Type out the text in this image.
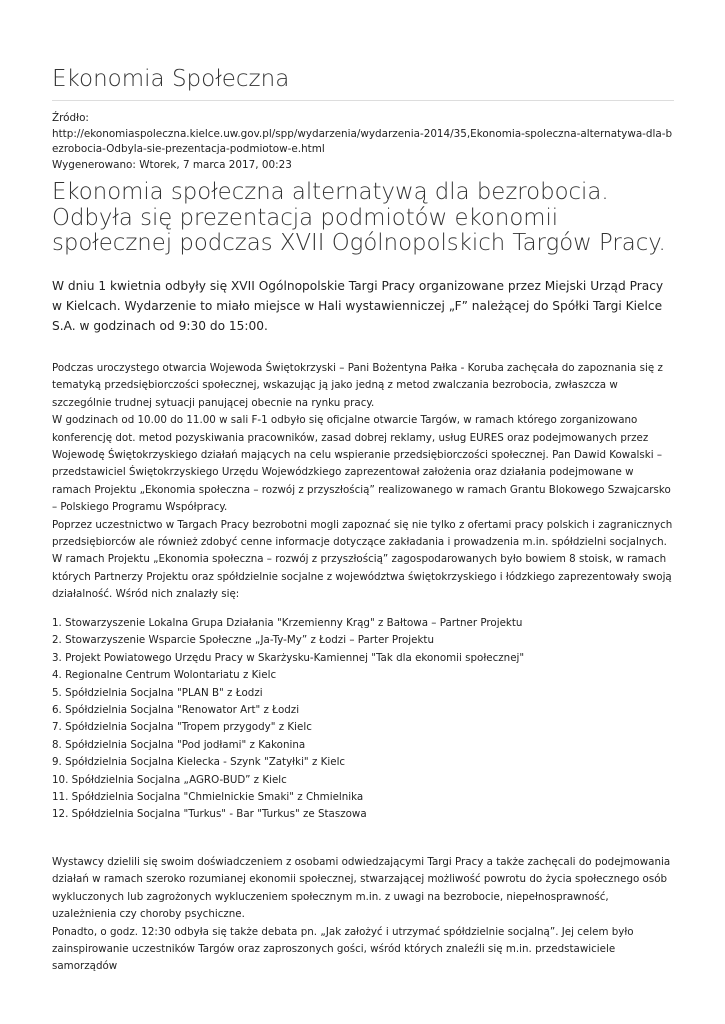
Ekonomia Społeczna
Źródło:
http://ekonomiaspoleczna.kielce.uw.gov.pl/spp/wydarzenia/wydarzenia-2014/35,Ekonomia-spoleczna-alternatywa-dla-bezrobocia-Odbyla-sie-prezentacja-podmiotow-e.html
Wygenerowano: Wtorek, 7 marca 2017, 00:23
Ekonomia społeczna alternatywą dla bezrobocia. Odbyła się prezentacja podmiotów ekonomii społecznej podczas XVII Ogólnopolskich Targów Pracy.

W dniu 1 kwietnia odbyły się XVII Ogólnopolskie Targi Pracy organizowane przez Miejski Urząd Pracy w Kielcach. Wydarzenie to miało miejsce w Hali wystawienniczej „F” należącej do Spółki Targi Kielce S.A. w godzinach od 9:30 do 15:00.

Podczas uroczystego otwarcia Wojewoda Świętokrzyski – Pani Bożentyna Pałka - Koruba zachęcała do zapoznania się z tematyką przedsiębiorczości społecznej, wskazując ją jako jedną z metod zwalczania bezrobocia, zwłaszcza w szczególnie trudnej sytuacji panującej obecnie na rynku pracy.

W godzinach od 10.00 do 11.00 w sali F-1 odbyło się oficjalne otwarcie Targów, w ramach którego zorganizowano konferencję dot. metod pozyskiwania pracowników, zasad dobrej reklamy, usług EURES oraz podejmowanych przez Wojewodę Świętokrzyskiego działań mających na celu wspieranie przedsiębiorczości społecznej. Pan Dawid Kowalski – przedstawiciel Świętokrzyskiego Urzędu Wojewódzkiego zaprezentował założenia oraz działania podejmowane w ramach Projektu „Ekonomia społeczna – rozwój z przyszłością” realizowanego w ramach Grantu Blokowego Szwajcarsko – Polskiego Programu Współpracy.

Poprzez uczestnictwo w Targach Pracy bezrobotni mogli zapoznać się nie tylko z ofertami pracy polskich i zagranicznych przedsiębiorców ale również zdobyć cenne informacje dotyczące zakładania i prowadzenia m.in. spółdzielni socjalnych. W ramach Projektu „Ekonomia społeczna – rozwój z przyszłością” zagospodarowanych było bowiem 8 stoisk, w ramach których Partnerzy Projektu oraz spółdzielnie socjalne z województwa świętokrzyskiego i łódzkiego zaprezentowały swoją działalność. Wśród nich znalazły się:

1. Stowarzyszenie Lokalna Grupa Działania "Krzemienny Krąg" z Bałtowa – Partner Projektu
2. Stowarzyszenie Wsparcie Społeczne „Ja-Ty-My” z Łodzi – Parter Projektu
3. Projekt Powiatowego Urzędu Pracy w Skarżysku-Kamiennej "Tak dla ekonomii społecznej"
4. Regionalne Centrum Wolontariatu z Kielc
5. Spółdzielnia Socjalna "PLAN B" z Łodzi
6. Spółdzielnia Socjalna "Renowator Art" z Łodzi
7. Spółdzielnia Socjalna "Tropem przygody" z Kielc
8. Spółdzielnia Socjalna "Pod jodłami" z Kakonina
9. Spółdzielnia Socjalna Kielecka - Szynk "Zatyłki" z Kielc
10. Spółdzielnia Socjalna „AGRO-BUD” z Kielc
11. Spółdzielnia Socjalna "Chmielnickie Smaki" z Chmielnika
12. Spółdzielnia Socjalna "Turkus" - Bar "Turkus" ze Staszowa

Wystawcy dzielili się swoim doświadczeniem z osobami odwiedzającymi Targi Pracy a także zachęcali do podejmowania działań w ramach szeroko rozumianej ekonomii społecznej, stwarzającej możliwość powrotu do życia społecznego osób wykluczonych lub zagrożonych wykluczeniem społecznym m.in. z uwagi na bezrobocie, niepełnosprawność, uzależnienia czy choroby psychiczne.

Ponadto, o godz. 12:30 odbyła się także debata pn. „Jak założyć i utrzymać spółdzielnie socjalną”. Jej celem było zainspirowanie uczestników Targów oraz zaproszonych gości, wśród których znaleźli się m.in. przedstawiciele samorządów
